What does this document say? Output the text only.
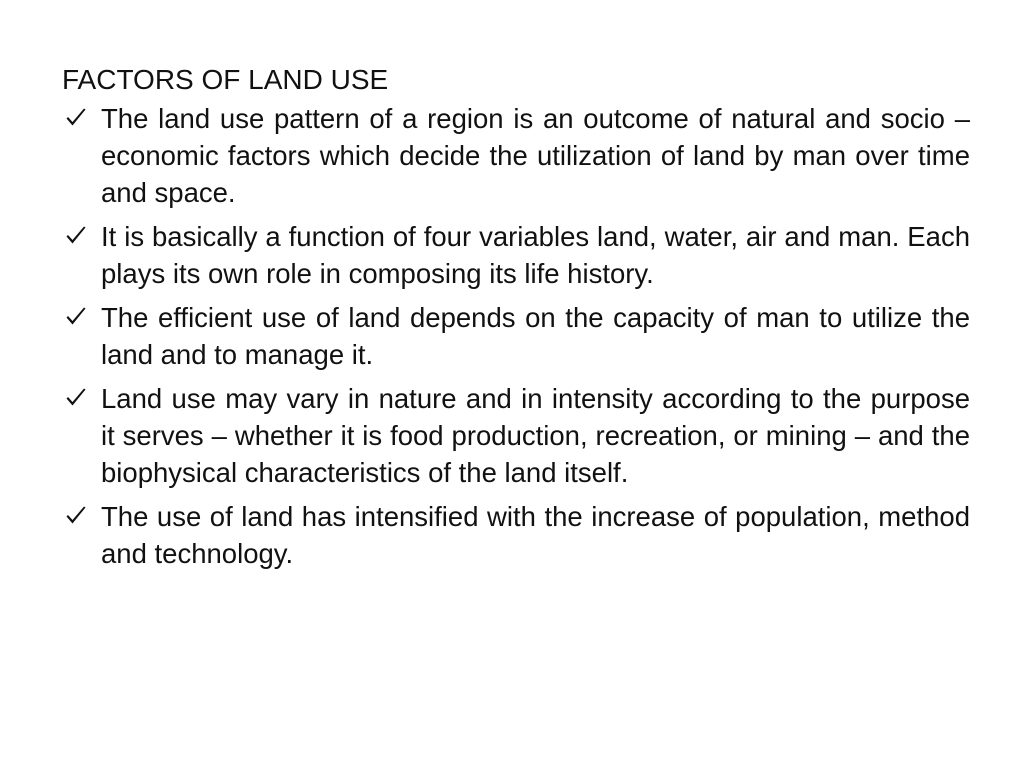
FACTORS OF LAND USE
The land use pattern of a region is an outcome of natural and socio – economic factors which decide the utilization of land by man over time and space.
It is basically a function of four variables land, water, air and man. Each plays its own role in composing its life history.
The efficient use of land depends on the capacity of man to utilize the land and to manage it.
Land use may vary in nature and in intensity according to the purpose it serves – whether it is food production, recreation, or mining – and the biophysical characteristics of the land itself.
The use of land has intensified with the increase of population, method and technology.
